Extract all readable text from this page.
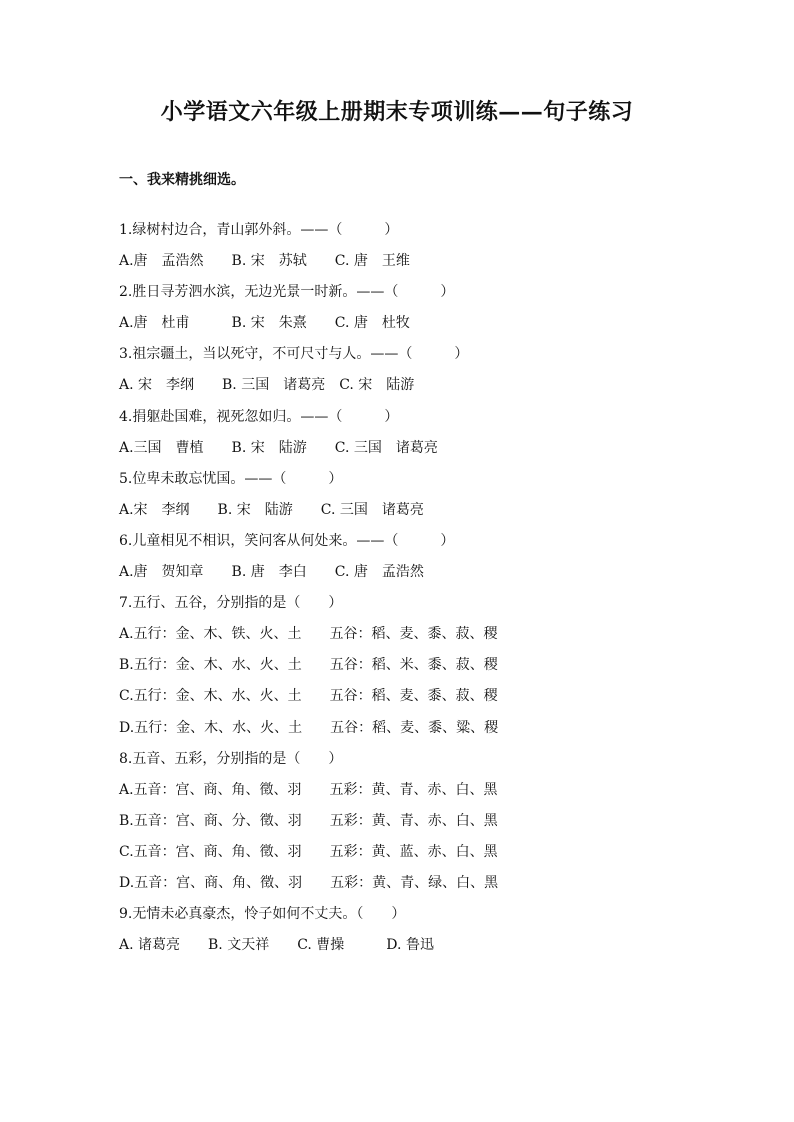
小学语文六年级上册期末专项训练——句子练习
一、我来精挑细选。
1.绿树村边合，青山郭外斜。——（　　　）
A.唐　孟浩然　　B. 宋　苏轼　　C. 唐　王维
2.胜日寻芳泗水滨，无边光景一时新。——（　　　）
A.唐　杜甫　　　B. 宋　朱熹　　C. 唐　杜牧
3.祖宗疆土，当以死守，不可尺寸与人。——（　　　）
A. 宋　李纲　　B. 三国　诸葛亮　C. 宋　陆游
4.捐躯赴国难，视死忽如归。——（　　　）
A.三国　曹植　　B. 宋　陆游　　C. 三国　诸葛亮
5.位卑未敢忘忧国。——（　　　）
A.宋　李纲　　B. 宋　陆游　　C. 三国　诸葛亮
6.儿童相见不相识，笑问客从何处来。——（　　　）
A.唐　贺知章　　B. 唐　李白　　C. 唐　孟浩然
7.五行、五谷，分别指的是（　　）
A.五行：金、木、铁、火、土　　五谷：稻、麦、黍、菽、稷
B.五行：金、木、水、火、土　　五谷：稻、米、黍、菽、稷
C.五行：金、木、水、火、土　　五谷：稻、麦、黍、菽、稷
D.五行：金、木、水、火、土　　五谷：稻、麦、黍、粱、稷
8.五音、五彩，分别指的是（　　）
A.五音：宫、商、角、徵、羽　　五彩：黄、青、赤、白、黑
B.五音：宫、商、分、徵、羽　　五彩：黄、青、赤、白、黑
C.五音：宫、商、角、徵、羽　　五彩：黄、蓝、赤、白、黑
D.五音：宫、商、角、徵、羽　　五彩：黄、青、绿、白、黑
9.无情未必真豪杰，怜子如何不丈夫。（　　）
A. 诸葛亮　　B. 文天祥　　C. 曹操　　　D. 鲁迅
